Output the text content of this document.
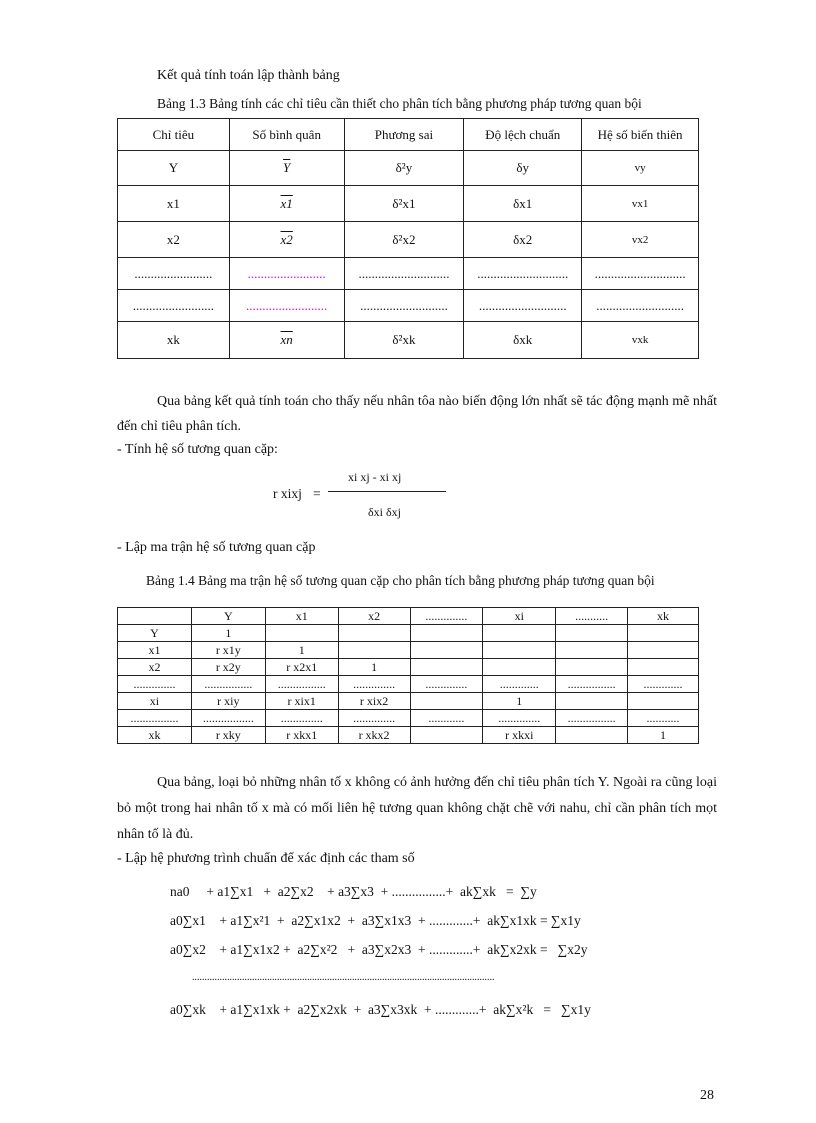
Kết quả tính toán lập thành bảng
Bảng 1.3 Bảng tính các chỉ tiêu cần thiết cho phân tích bằng phương pháp tương quan bội
Chỉ tiêu	Số bình quân	Phương sai	Độ lệch chuẩn	Hệ số biến thiên
Y	$\overline{Y}$	δ²y	δy	vy
x1	x1	δ²x1	δx1	vx1
x2	x2	δ²x2	δx2	vx2
........................	........................	............................	............................	............................
.........................	.........................	...........................	...........................	...........................
xk	$\overline{xn}$	δ²xk	δxk	vxk
Qua bảng kết quả tính toán cho thấy nếu nhân tôa nào biến động lớn nhất sẽ tác động mạnh mẽ nhất đến chỉ tiêu phân tích.
- Tính hệ số tương quan cặp:
r xixj =
xi xj - xi xj
δxi δxj
- Lập ma trận hệ số tương quan cặp
Bảng 1.4 Bảng ma trận hệ số tương quan cặp cho phân tích bằng phương pháp tương quan bội
	Y	x1	x2	..............	xi	...........	xk
Y	1						
x1	r x1y	1					
x2	r x2y	r x2x1	1				
..............	................	................	..............	..............	.............	................	.............
xi	r xiy	r xix1	r xix2		1		
................	.................	..............	..............	............	..............	................	...........
xk	r xky	r xkx1	r xkx2		r xkxi		1
Qua bảng, loại bỏ những nhân tố x không có ảnh hưởng đến chỉ tiêu phân tích Y. Ngoài ra cũng loại bỏ một trong hai nhân tố x mà có mối liên hệ tương quan không chặt chẽ với nahu, chỉ cần phân tích mọt nhân tố là đủ.
- Lập hệ phương trình chuẩn để xác định các tham số
na0     + a1∑x1   +  a2∑x2    + a3∑x3  + ................+  ak∑xk   =  ∑y
a0∑x1    + a1∑x²1  +  a2∑x1x2  +  a3∑x1x3  + .............+  ak∑x1xk = ∑x1y
a0∑x2    + a1∑x1x2 +  a2∑x²2   +  a3∑x2x3  + .............+  ak∑x2xk =   ∑x2y
.........................................................................................................................
a0∑xk    + a1∑x1xk +  a2∑x2xk  +  a3∑x3xk  + .............+  ak∑x²k   =   ∑x1y
28
